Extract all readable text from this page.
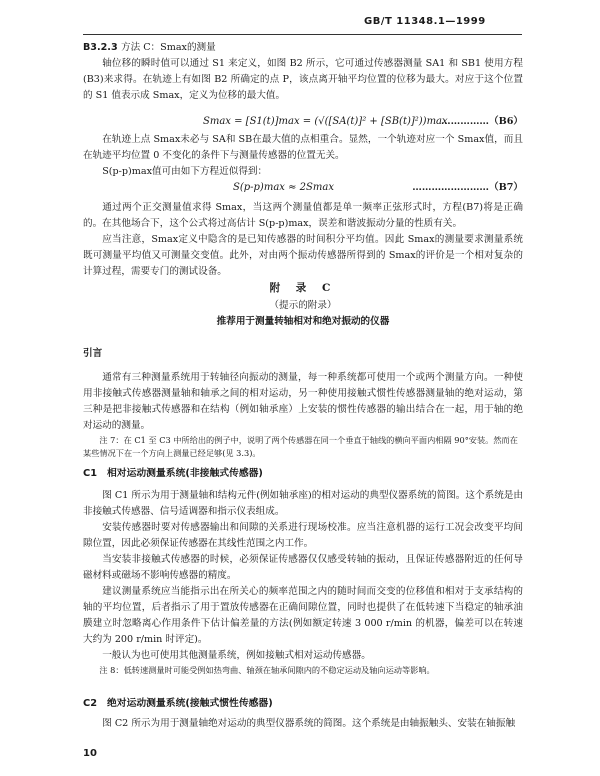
GB/T 11348.1—1999

B3.2.3 方法 C：Smax的测量

轴位移的瞬时值可以通过 S1 来定义，如图 B2 所示，它可通过传感器测量 SA1 和 SB1 使用方程(B3)来求得。在轨迹上有如图 B2 所确定的点 P，该点离开轴平均位置的位移为最大。对应于这个位置的 S1 值表示成 Smax，定义为位移的最大值。

Smax = [S1(t)]max = (√([SA(t)]² + [SB(t)]²))max
……………（B6）

在轨迹上点 Smax未必与 SA和 SB在最大值的点相重合。显然，一个轨迹对应一个 Smax值，而且在轨迹平均位置 0 不变化的条件下与测量传感器的位置无关。

S(p-p)max值可由如下方程近似得到：

S(p-p)max ≈ 2Smax	……………………（B7）

通过两个正交测量值求得 Smax，当这两个测量值都是单一频率正弦形式时，方程(B7)将是正确的。在其他场合下，这个公式将过高估计 S(p-p)max，误差和谐波振动分量的性质有关。

应当注意，Smax定义中隐含的是已知传感器的时间积分平均值。因此 Smax的测量要求测量系统既可测量平均值又可测量交变值。此外，对由两个振动传感器所得到的 Smax的评价是一个相对复杂的计算过程，需要专门的测试设备。

附 录 C

（提示的附录）

推荐用于测量转轴相对和绝对振动的仪器

引言

通常有三种测量系统用于转轴径向振动的测量，每一种系统都可使用一个或两个测量方向。一种使用非接触式传感器测量轴和轴承之间的相对运动，另一种使用接触式惯性传感器测量轴的绝对运动，第三种是把非接触式传感器和在结构（例如轴承座）上安装的惯性传感器的输出结合在一起，用于轴的绝对运动的测量。

注 7：在 C1 至 C3 中所给出的例子中，说明了两个传感器在同一个垂直于轴线的横向平面内相隔 90°安装。然而在某些情况下在一个方向上测量已经足够(见 3.3)。

C1 相对运动测量系统(非接触式传感器)

图 C1 所示为用于测量轴和结构元件(例如轴承座)的相对运动的典型仪器系统的简图。这个系统是由非接触式传感器、信号适调器和指示仪表组成。

安装传感器时要对传感器输出和间隙的关系进行现场校准。应当注意机器的运行工况会改变平均间隙位置，因此必须保证传感器在其线性范围之内工作。

当安装非接触式传感器的时候，必须保证传感器仅仅感受转轴的振动，且保证传感器附近的任何导磁材料或磁场不影响传感器的精度。

建议测量系统应当能指示出在所关心的频率范围之内的随时间而交变的位移值和相对于支承结构的轴的平均位置，后者指示了用于置放传感器在正确间隙位置，同时也提供了在低转速下当稳定的轴承油膜建立时忽略离心作用条件下估计偏差量的方法(例如额定转速 3 000 r/min 的机器，偏差可以在转速大约为 200 r/min 时评定)。

一般认为也可使用其他测量系统，例如接触式相对运动传感器。

注 8：低转速测量时可能受例如热弯曲、轴颈在轴承间隙内的不稳定运动及轴向运动等影响。

C2 绝对运动测量系统(接触式惯性传感器)

图 C2 所示为用于测量轴绝对运动的典型仪器系统的简图。这个系统是由轴振触头、安装在轴振触

10
